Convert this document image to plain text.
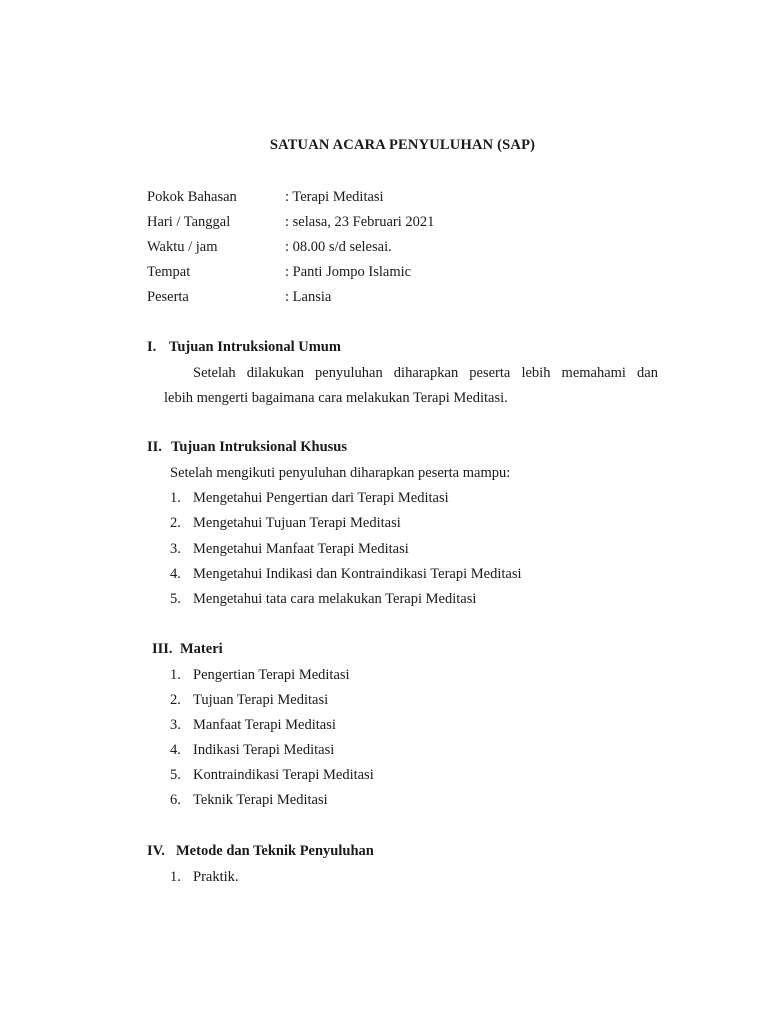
SATUAN ACARA PENYULUHAN (SAP)
Pokok Bahasan	: Terapi Meditasi
Hari / Tanggal	: selasa, 23 Februari 2021
Waktu / jam	: 08.00 s/d selesai.
Tempat	: Panti Jompo Islamic
Peserta	: Lansia
I. Tujuan Intruksional Umum
Setelah dilakukan penyuluhan diharapkan peserta lebih memahami dan
lebih mengerti bagaimana cara melakukan Terapi Meditasi.
II. Tujuan Intruksional Khusus
Setelah mengikuti penyuluhan diharapkan peserta mampu:
1. Mengetahui Pengertian dari Terapi Meditasi
2. Mengetahui Tujuan Terapi Meditasi
3. Mengetahui Manfaat Terapi Meditasi
4. Mengetahui Indikasi dan Kontraindikasi Terapi Meditasi
5. Mengetahui tata cara melakukan Terapi Meditasi
III. Materi
1. Pengertian Terapi Meditasi
2. Tujuan Terapi Meditasi
3. Manfaat Terapi Meditasi
4. Indikasi Terapi Meditasi
5. Kontraindikasi Terapi Meditasi
6. Teknik Terapi Meditasi
IV. Metode dan Teknik Penyuluhan
1. Praktik.
